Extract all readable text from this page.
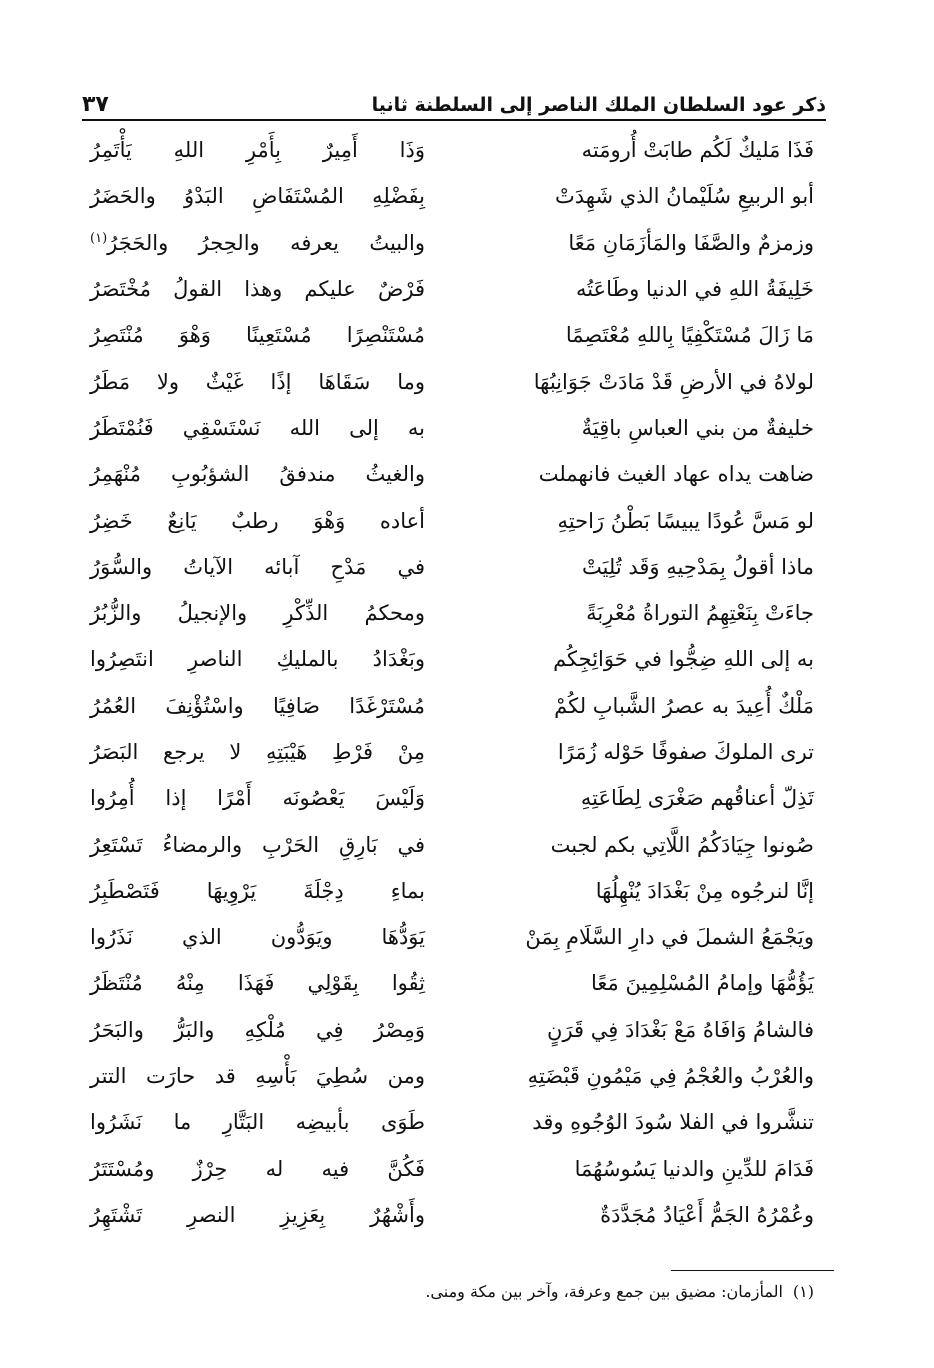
ذكر عود السلطان الملك الناصر إلى السلطنة ثانيا
٣٧
فَذَا مَليكٌ لَكُم طابَتْ أُرومَته
وَذَا أَمِيرٌ بِأَمْرِ اللهِ يَأْتَمِرُ
أبو الربيعِ سُلَيْمانُ الذي شَهِدَتْ
بِفَضْلِهِ المُسْتَفَاضِ البَدْوُ والحَضَرُ
وزمزمٌ والصَّفَا والمَأزَمَانِ مَعًا
والبيتُ يعرفه والحِجرُ والحَجَرُ$^{(١)}$
خَلِيفَةُ اللهِ في الدنيا وطَاعَتُه
فَرْضٌ عليكم وهذا القولُ مُخْتَصَرُ
مَا زَالَ مُسْتَكْفِيًا بِاللهِ مُعْتَصِمًا
مُسْتَنْصِرًا مُسْتَعِينًا وَهْوَ مُنْتَصِرُ
لولاهُ في الأرضِ قَدْ مَادَتْ جَوَانِبُهَا
وما سَقَاهَا إذًا غَيْثٌ ولا مَطَرُ
خليفةٌ من بني العباسِ باقِيَةٌ
به إلى الله نَسْتَسْقِي فَنُمْتَطَرُ
ضاهت يداه عهاد الغيث فانهملت
والغيثُ مندفقُ الشؤبُوبِ مُنْهَمِرُ
لو مَسَّ عُودًا يبيسًا بَطْنُ رَاحتِهِ
أعاده وَهْوَ رطبٌ يَانِعٌ خَضِرُ
ماذا أقولُ بِمَدْحِيهِ وَقَد تُلِيَتْ
في مَدْحِ آبائه الآياتُ والسُّوَرُ
جاءَتْ بِنَعْتِهِمُ التوراةُ مُعْرِبَةً
ومحكمُ الذِّكْرِ والإنجيلُ والزُّبُرُ
به إلى اللهِ ضِجُّوا في حَوَائِجِكُم
وبَغْدَادُ بالمليكِ الناصرِ انتَصِرُوا
مَلْكٌ أُعِيدَ به عصرُ الشَّبابِ لكُمْ
مُسْتَرْغَدًا صَافِيًا واسْتُؤْنِفَ العُمُرُ
ترى الملوكَ صفوفًا حَوْله زُمَرًا
مِنْ فَرْطِ هَيْبَتِهِ لا يرجع البَصَرُ
تَذِلّ أعناقُهم صَغْرَى لِطَاعَتِهِ
وَلَيْسَ يَعْصُونَه أَمْرًا إذا أُمِرُوا
صُونوا جِيَادَكُمُ اللَّاتِي بكم لجبت
في بَارِقِ الحَرْبِ والرمضاءُ تَسْتَعِرُ
إنَّا لنرجُوه مِنْ بَغْدَادَ يُنْهِلُهَا
بماءِ دِجْلَةَ يَرْوِيهَا فَتَصْطَبِرُ
ويَجْمَعُ الشملَ في دارِ السَّلَامِ بِمَنْ
يَوَدُّهَا ويَوَدُّون الذي نَذَرُوا
يَؤُمُّهَا وإمامُ المُسْلِمِينَ مَعًا
ثِقُوا بِقَوْلِي فَهَذَا مِنْهُ مُنْتَظَرُ
فالشامُ وَافَاهُ مَعْ بَغْدَادَ فِي قَرَنٍ
وَمِصْرُ فِي مُلْكِهِ والبَرُّ والبَحَرُ
والعُرْبُ والعُجْمُ فِي مَيْمُونِ قَبْضَتِهِ
ومن سُطِيَ بَأْسِهِ قد حارَت التتر
تنشَّروا في الفلا سُودَ الوُجُوهِ وقد
طَوَى بأبيضِه البَتَّارِ ما نَشَرُوا
فَدَامَ للدِّينِ والدنيا يَسُوسُهُمَا
فَكُنَّ فيه له حِرْزٌ ومُسْتَتَرُ
وعُمْرُهُ الجَمُّ أَعْيَادُ مُجَدَّدَةٌ
وأَشْهُرٌ بِعَزِيزِ النصرِ تَشْتَهِرُ
(١)المأزمان: مضيق بين جمع وعرفة، وآخر بين مكة ومنى.
